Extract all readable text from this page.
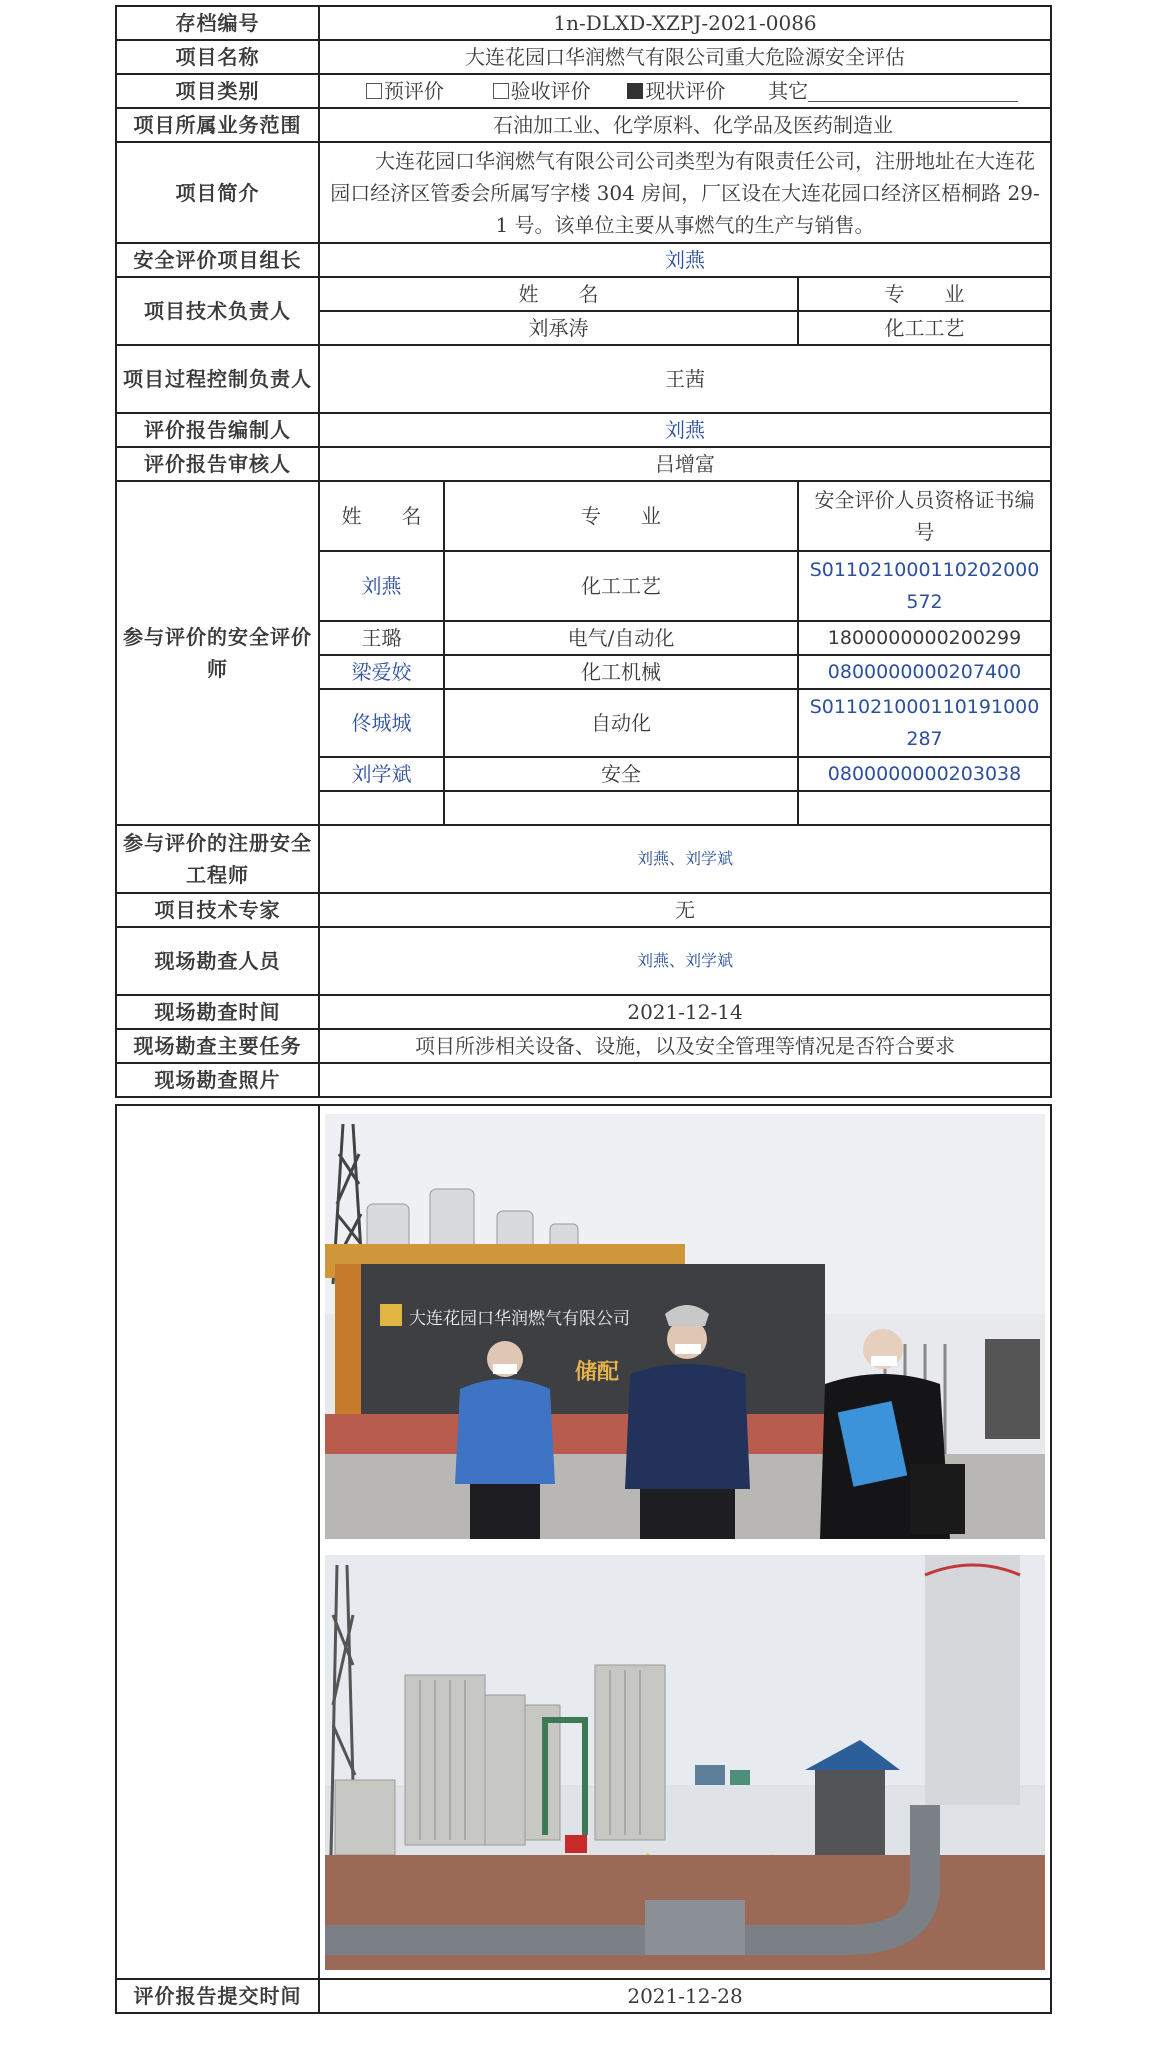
存档编号	1n-DLXD-XZPJ-2021-0086		
项目名称	大连花园口华润燃气有限公司重大危险源安全评估		
项目类别	预评价 验收评价 现状评价 其它		
项目所属业务范围	石油加工业、化学原料、化学品及医药制造业		
项目简介	大连花园口华润燃气有限公司公司类型为有限责任公司，注册地址在大连花园口经济区管委会所属写字楼 304 房间，厂区设在大连花园口经济区梧桐路 29-1 号。该单位主要从事燃气的生产与销售。		
安全评价项目组长	刘燕		
项目技术负责人	姓　　名		专　　业
	刘承涛		化工工艺
项目过程控制负责人	王茜		
评价报告编制人	刘燕		
评价报告审核人	吕增富		
参与评价的安全评价师	姓　　名	专　　业	安全评价人员资格证书编号
	刘燕	化工工艺	S011021000110202000572
	王璐	电气/自动化	1800000000200299
	梁爱姣	化工机械	0800000000207400
	佟城城	自动化	S011021000110191000287
	刘学斌	安全	0800000000203038

参与评价的注册安全工程师	刘燕、刘学斌		
项目技术专家	无		
现场勘查人员	刘燕、刘学斌		
现场勘查时间	2021-12-14		
现场勘查主要任务	项目所涉相关设备、设施，以及安全管理等情况是否符合要求		
现场勘查照片			

大连花园口华润燃气有限公司
储配		

评价报告提交时间	2021-12-28		
